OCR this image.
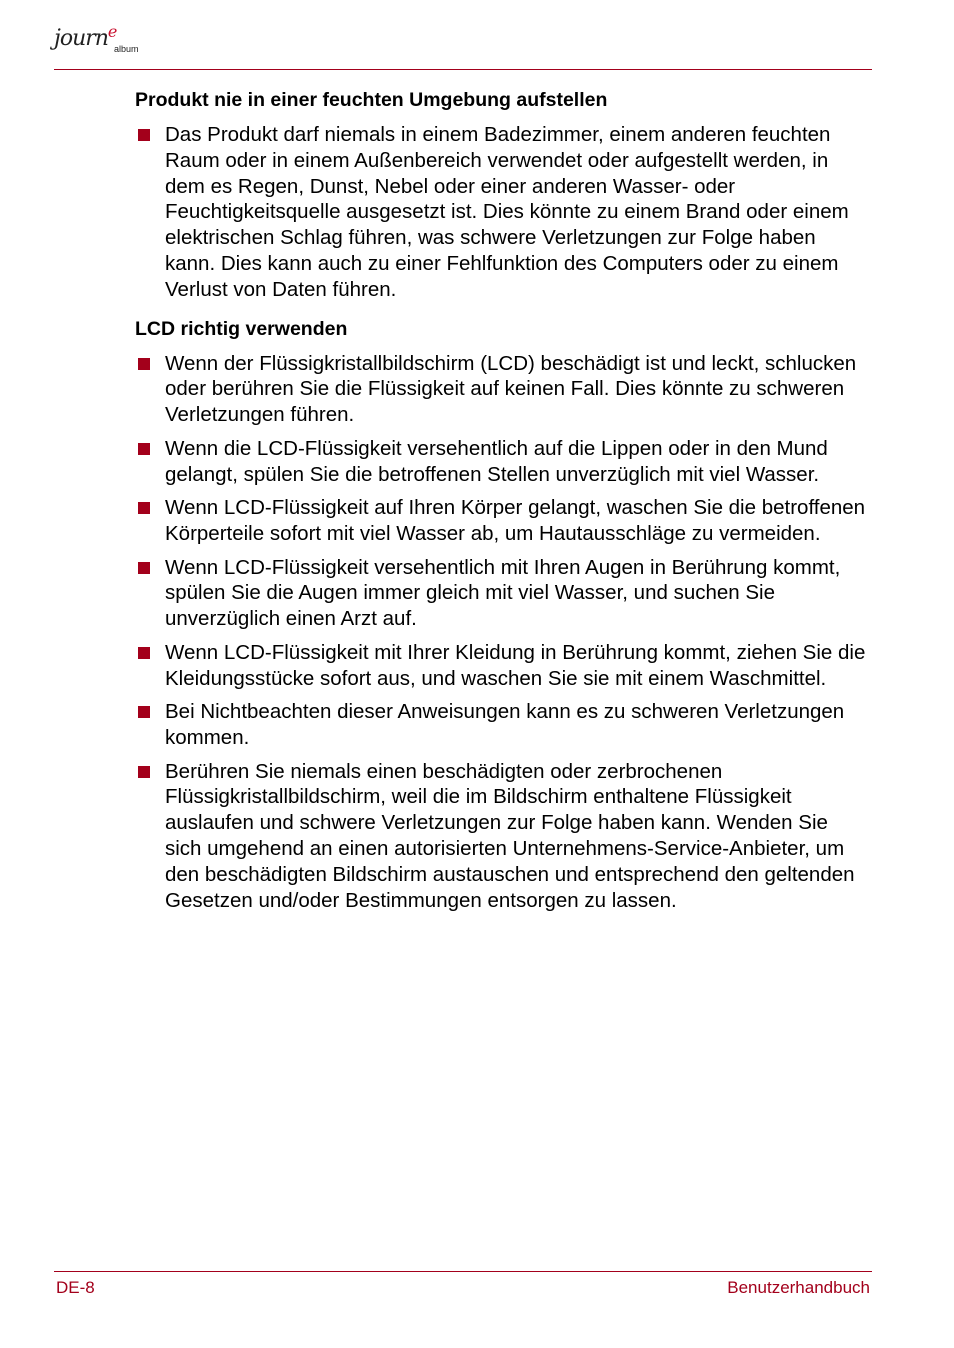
journ$^e$
album
Produkt nie in einer feuchten Umgebung aufstellen
Das Produkt darf niemals in einem Badezimmer, einem anderen feuchten Raum oder in einem Außenbereich verwendet oder aufgestellt werden, in dem es Regen, Dunst, Nebel oder einer anderen Wasser- oder Feuchtigkeitsquelle ausgesetzt ist. Dies könnte zu einem Brand oder einem elektrischen Schlag führen, was schwere Verletzungen zur Folge haben kann. Dies kann auch zu einer Fehlfunktion des Computers oder zu einem Verlust von Daten führen.
LCD richtig verwenden
Wenn der Flüssigkristallbildschirm (LCD) beschädigt ist und leckt, schlucken oder berühren Sie die Flüssigkeit auf keinen Fall. Dies könnte zu schweren Verletzungen führen.
Wenn die LCD-Flüssigkeit versehentlich auf die Lippen oder in den Mund gelangt, spülen Sie die betroffenen Stellen unverzüglich mit viel Wasser.
Wenn LCD-Flüssigkeit auf Ihren Körper gelangt, waschen Sie die betroffenen Körperteile sofort mit viel Wasser ab, um Hautausschläge zu vermeiden.
Wenn LCD-Flüssigkeit versehentlich mit Ihren Augen in Berührung kommt, spülen Sie die Augen immer gleich mit viel Wasser, und suchen Sie unverzüglich einen Arzt auf.
Wenn LCD-Flüssigkeit mit Ihrer Kleidung in Berührung kommt, ziehen Sie die Kleidungsstücke sofort aus, und waschen Sie sie mit einem Waschmittel.
Bei Nichtbeachten dieser Anweisungen kann es zu schweren Verletzungen kommen.
Berühren Sie niemals einen beschädigten oder zerbrochenen Flüssigkristallbildschirm, weil die im Bildschirm enthaltene Flüssigkeit auslaufen und schwere Verletzungen zur Folge haben kann. Wenden Sie sich umgehend an einen autorisierten Unternehmens-Service-Anbieter, um den beschädigten Bildschirm austauschen und entsprechend den geltenden Gesetzen und/oder Bestimmungen entsorgen zu lassen.
DE-8	Benutzerhandbuch
